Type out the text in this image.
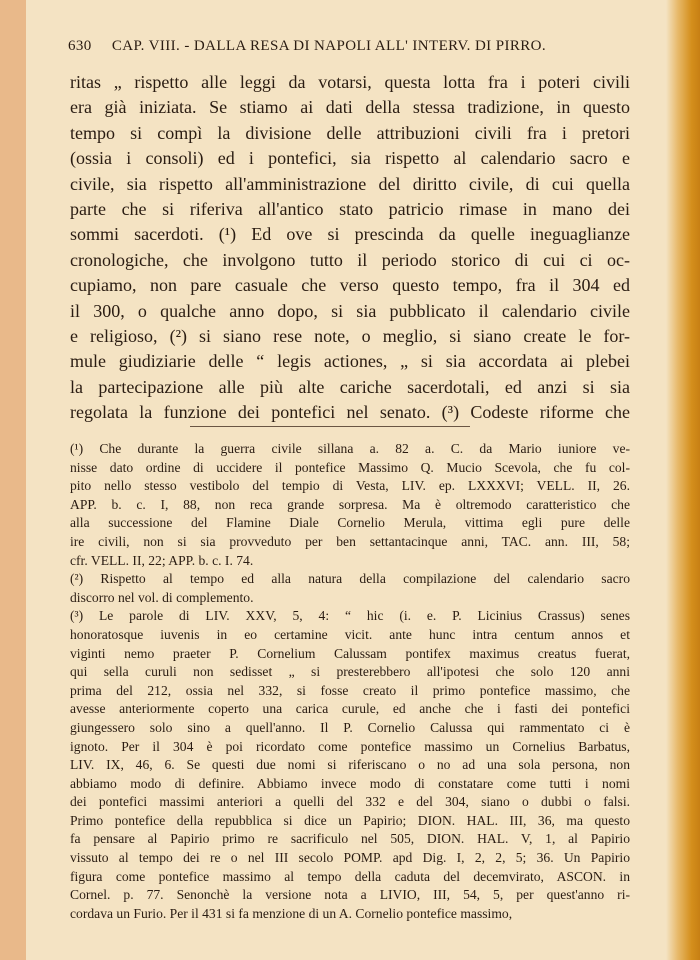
630 CAP. VIII. - DALLA RESA DI NAPOLI ALL' INTERV. DI PIRRO.
ritas „ rispetto alle leggi da votarsi, questa lotta fra i poteri civili
era già iniziata. Se stiamo ai dati della stessa tradizione, in questo
tempo si compì la divisione delle attribuzioni civili fra i pretori
(ossia i consoli) ed i pontefici, sia rispetto al calendario sacro e
civile, sia rispetto all'amministrazione del diritto civile, di cui quella
parte che si riferiva all'antico stato patricio rimase in mano dei
sommi sacerdoti. (¹) Ed ove si prescinda da quelle ineguaglianze
cronologiche, che involgono tutto il periodo storico di cui ci oc-
cupiamo, non pare casuale che verso questo tempo, fra il 304 ed
il 300, o qualche anno dopo, si sia pubblicato il calendario civile
e religioso, (²) si siano rese note, o meglio, si siano create le for-
mule giudiziarie delle “ legis actiones, „ si sia accordata ai plebei
la partecipazione alle più alte cariche sacerdotali, ed anzi si sia
regolata la funzione dei pontefici nel senato. (³) Codeste riforme che
(¹) Che durante la guerra civile sillana a. 82 a. C. da Mario iuniore ve-
nisse dato ordine di uccidere il pontefice Massimo Q. Mucio Scevola, che fu col-
pito nello stesso vestibolo del tempio di Vesta, LIV. ep. LXXXVI; VELL. II, 26.
APP. b. c. I, 88, non reca grande sorpresa. Ma è oltremodo caratteristico che
alla successione del Flamine Diale Cornelio Merula, vittima egli pure delle
ire civili, non si sia provveduto per ben settantacinque anni, TAC. ann. III, 58;
cfr. VELL. II, 22; APP. b. c. I. 74.
(²) Rispetto al tempo ed alla natura della compilazione del calendario sacro
discorro nel vol. di complemento.
(³) Le parole di LIV. XXV, 5, 4: “ hic (i. e. P. Licinius Crassus) senes
honoratosque iuvenis in eo certamine vicit. ante hunc intra centum annos et
viginti nemo praeter P. Cornelium Calussam pontifex maximus creatus fuerat,
qui sella curuli non sedisset „ si presterebbero all'ipotesi che solo 120 anni
prima del 212, ossia nel 332, si fosse creato il primo pontefice massimo, che
avesse anteriormente coperto una carica curule, ed anche che i fasti dei pontefici
giungessero solo sino a quell'anno. Il P. Cornelio Calussa qui rammentato ci è
ignoto. Per il 304 è poi ricordato come pontefice massimo un Cornelius Barbatus,
LIV. IX, 46, 6. Se questi due nomi si riferiscano o no ad una sola persona, non
abbiamo modo di definire. Abbiamo invece modo di constatare come tutti i nomi
dei pontefici massimi anteriori a quelli del 332 e del 304, siano o dubbi o falsi.
Primo pontefice della repubblica si dice un Papirio; DION. HAL. III, 36, ma questo
fa pensare al Papirio primo re sacrificulo nel 505, DION. HAL. V, 1, al Papirio
vissuto al tempo dei re o nel III secolo POMP. apd Dig. I, 2, 2, 5; 36. Un Papirio
figura come pontefice massimo al tempo della caduta del decemvirato, ASCON. in
Cornel. p. 77. Senonchè la versione nota a LIVIO, III, 54, 5, per quest'anno ri-
cordava un Furio. Per il 431 si fa menzione di un A. Cornelio pontefice massimo,
